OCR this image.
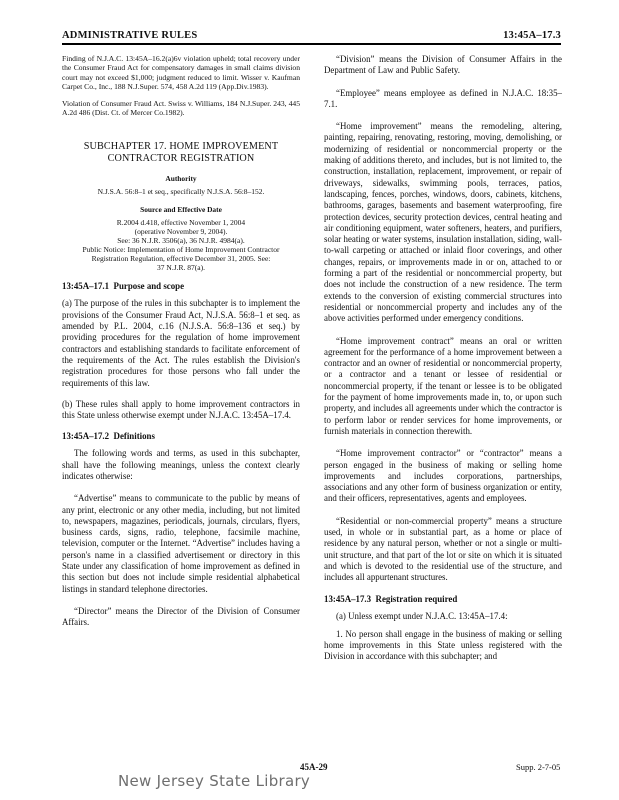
ADMINISTRATIVE RULES	13:45A–17.3

Finding of N.J.A.C. 13:45A–16.2(a)6v violation upheld; total recovery under the Consumer Fraud Act for compensatory damages in small claims division court may not exceed $1,000; judgment reduced to limit. Wisser v. Kaufman Carpet Co., Inc., 188 N.J.Super. 574, 458 A.2d 119 (App.Div.1983).

Violation of Consumer Fraud Act. Swiss v. Williams, 184 N.J.Super. 243, 445 A.2d 486 (Dist. Ct. of Mercer Co.1982).

SUBCHAPTER 17. HOME IMPROVEMENT
CONTRACTOR REGISTRATION
Authority
N.J.S.A. 56:8–1 et seq., specifically N.J.S.A. 56:8–152.
Source and Effective Date
R.2004 d.418, effective November 1, 2004
(operative November 9, 2004).
See: 36 N.J.R. 3506(a), 36 N.J.R. 4984(a).
Public Notice: Implementation of Home Improvement Contractor
Registration Regulation, effective December 31, 2005. See:
37 N.J.R. 87(a).
13:45A–17.1 Purpose and scope

(a) The purpose of the rules in this subchapter is to implement the provisions of the Consumer Fraud Act, N.J.S.A. 56:8–1 et seq. as amended by P.L. 2004, c.16 (N.J.S.A. 56:8–136 et seq.) by providing procedures for the regulation of home improvement contractors and establishing standards to facilitate enforcement of the requirements of the Act. The rules establish the Division's registration procedures for those persons who fall under the requirements of this law.

(b) These rules shall apply to home improvement contractors in this State unless otherwise exempt under N.J.A.C. 13:45A–17.4.

13:45A–17.2 Definitions

The following words and terms, as used in this subchapter, shall have the following meanings, unless the context clearly indicates otherwise:

“Advertise” means to communicate to the public by means of any print, electronic or any other media, including, but not limited to, newspapers, magazines, periodicals, journals, circulars, flyers, business cards, signs, radio, telephone, facsimile machine, television, computer or the Internet. “Advertise” includes having a person's name in a classified advertisement or directory in this State under any classification of home improvement as defined in this section but does not include simple residential alphabetical listings in standard telephone directories.

“Director” means the Director of the Division of Consumer Affairs.

“Division” means the Division of Consumer Affairs in the Department of Law and Public Safety.

“Employee” means employee as defined in N.J.A.C. 18:35–7.1.

“Home improvement” means the remodeling, altering, painting, repairing, renovating, restoring, moving, demolishing, or modernizing of residential or noncommercial property or the making of additions thereto, and includes, but is not limited to, the construction, installation, replacement, improvement, or repair of driveways, sidewalks, swimming pools, terraces, patios, landscaping, fences, porches, windows, doors, cabinets, kitchens, bathrooms, garages, basements and basement waterproofing, fire protection devices, security protection devices, central heating and air conditioning equipment, water softeners, heaters, and purifiers, solar heating or water systems, insulation installation, siding, wall-to-wall carpeting or attached or inlaid floor coverings, and other changes, repairs, or improvements made in or on, attached to or forming a part of the residential or noncommercial property, but does not include the construction of a new residence. The term extends to the conversion of existing commercial structures into residential or noncommercial property and includes any of the above activities performed under emergency conditions.

“Home improvement contract” means an oral or written agreement for the performance of a home improvement between a contractor and an owner of residential or noncommercial property, or a contractor and a tenant or lessee of residential or noncommercial property, if the tenant or lessee is to be obligated for the payment of home improvements made in, to, or upon such property, and includes all agreements under which the contractor is to perform labor or render services for home improvements, or furnish materials in connection therewith.

“Home improvement contractor” or “contractor” means a person engaged in the business of making or selling home improvements and includes corporations, partnerships, associations and any other form of business organization or entity, and their officers, representatives, agents and employees.

“Residential or non-commercial property” means a structure used, in whole or in substantial part, as a home or place of residence by any natural person, whether or not a single or multi-unit structure, and that part of the lot or site on which it is situated and which is devoted to the residential use of the structure, and includes all appurtenant structures.

13:45A–17.3 Registration required

(a) Unless exempt under N.J.A.C. 13:45A–17.4:

1. No person shall engage in the business of making or selling home improvements in this State unless registered with the Division in accordance with this subchapter; and

45A-29	Supp. 2-7-05
New Jersey State Library
